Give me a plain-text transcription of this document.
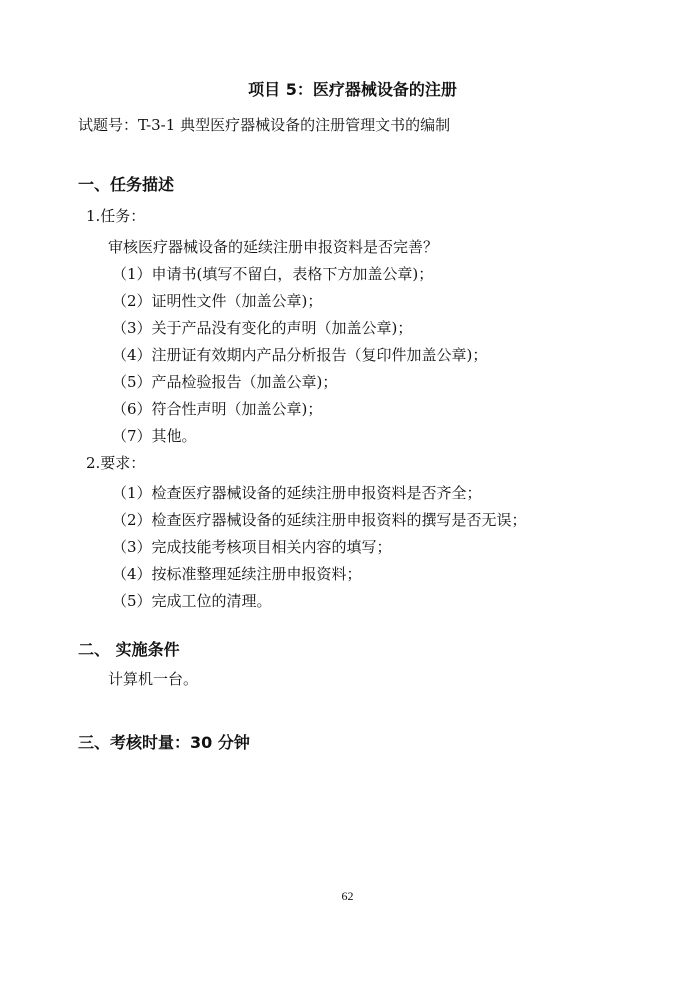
项目 5：医疗器械设备的注册
试题号：T-3-1 典型医疗器械设备的注册管理文书的编制
一、任务描述
1.任务：
审核医疗器械设备的延续注册申报资料是否完善？
（1）申请书(填写不留白，表格下方加盖公章)；
（2）证明性文件（加盖公章)；
（3）关于产品没有变化的声明（加盖公章)；
（4）注册证有效期内产品分析报告（复印件加盖公章)；
（5）产品检验报告（加盖公章)；
（6）符合性声明（加盖公章)；
（7）其他。
2.要求：
（1）检查医疗器械设备的延续注册申报资料是否齐全；
（2）检查医疗器械设备的延续注册申报资料的撰写是否无误；
（3）完成技能考核项目相关内容的填写；
（4）按标准整理延续注册申报资料；
（5）完成工位的清理。
二、 实施条件
计算机一台。
三、考核时量：30 分钟
62
